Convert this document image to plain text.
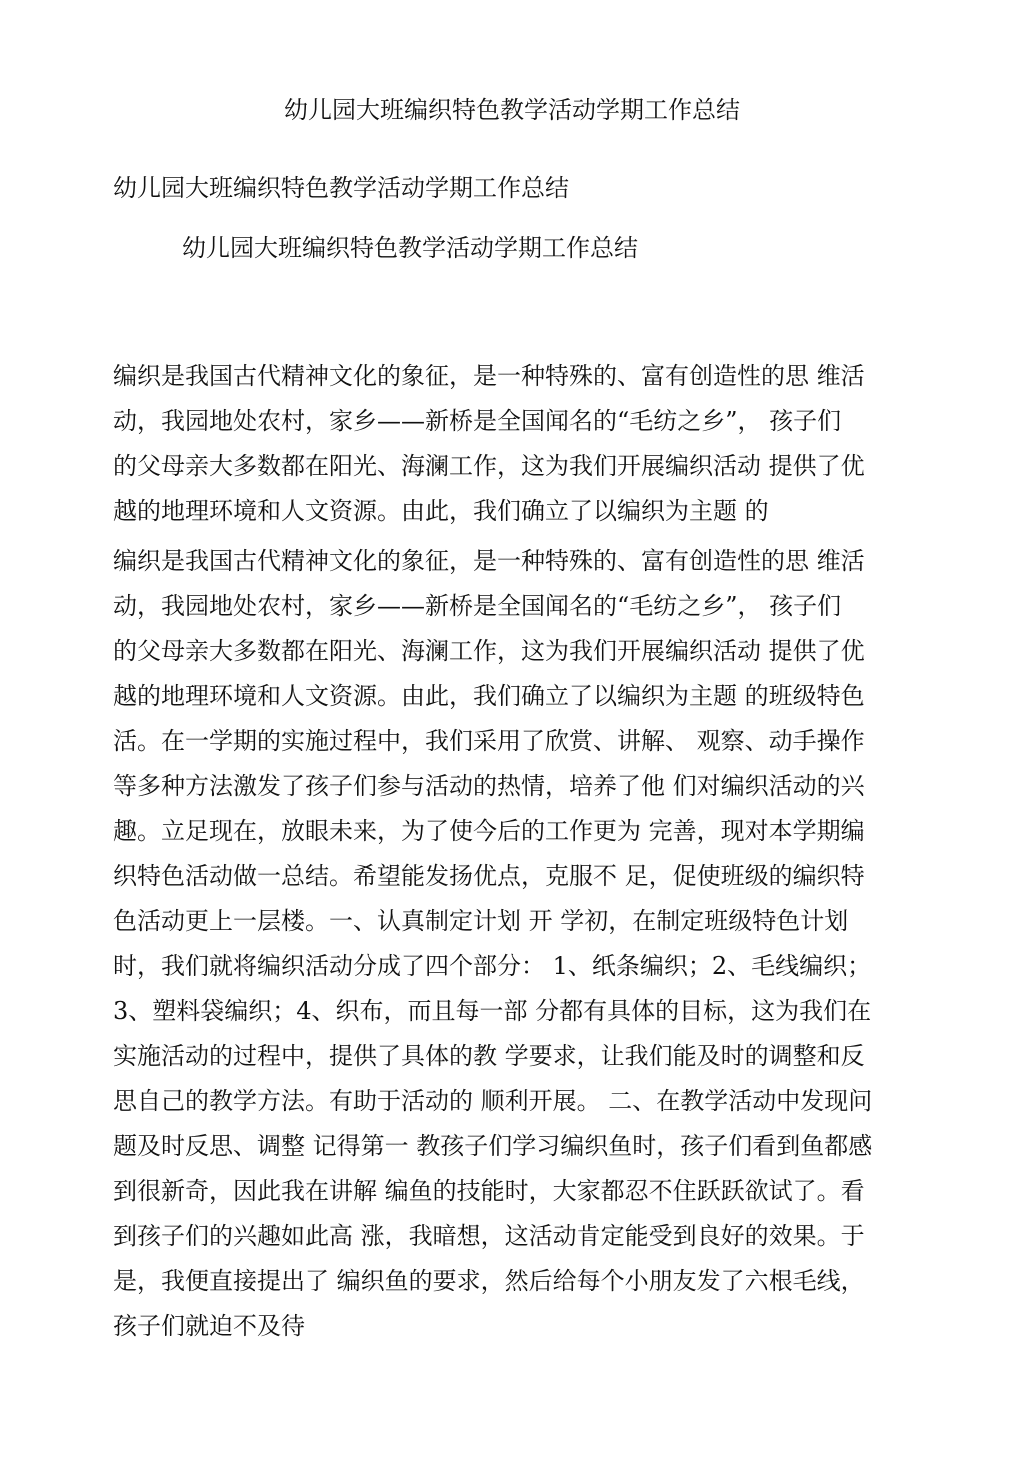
幼儿园大班编织特色教学活动学期工作总结
幼儿园大班编织特色教学活动学期工作总结
幼儿园大班编织特色教学活动学期工作总结
编织是我国古代精神文化的象征，是一种特殊的、富有创造性的思 维活
动，我园地处农村，家乡——新桥是全国闻名的“毛纺之乡”， 孩子们
的父母亲大多数都在阳光、海澜工作，这为我们开展编织活动 提供了优
越的地理环境和人文资源。由此，我们确立了以编织为主题 的
编织是我国古代精神文化的象征，是一种特殊的、富有创造性的思 维活
动，我园地处农村，家乡——新桥是全国闻名的“毛纺之乡”， 孩子们
的父母亲大多数都在阳光、海澜工作，这为我们开展编织活动 提供了优
越的地理环境和人文资源。由此，我们确立了以编织为主题 的班级特色
活。在一学期的实施过程中，我们采用了欣赏、讲解、 观察、动手操作
等多种方法激发了孩子们参与活动的热情，培养了他 们对编织活动的兴
趣。立足现在，放眼未来，为了使今后的工作更为 完善，现对本学期编
织特色活动做一总结。希望能发扬优点，克服不 足，促使班级的编织特
色活动更上一层楼。一、认真制定计划 开 学初，在制定班级特色计划
时，我们就将编织活动分成了四个部分： 1、纸条编织；2、毛线编织；
3、塑料袋编织；4、织布，而且每一部 分都有具体的目标，这为我们在
实施活动的过程中，提供了具体的教 学要求，让我们能及时的调整和反
思自己的教学方法。有助于活动的 顺利开展。 二、在教学活动中发现问
题及时反思、调整 记得第一 教孩子们学习编织鱼时，孩子们看到鱼都感
到很新奇，因此我在讲解 编鱼的技能时，大家都忍不住跃跃欲试了。看
到孩子们的兴趣如此高 涨，我暗想，这活动肯定能受到良好的效果。于
是，我便直接提出了 编织鱼的要求，然后给每个小朋友发了六根毛线，
孩子们就迫不及待
